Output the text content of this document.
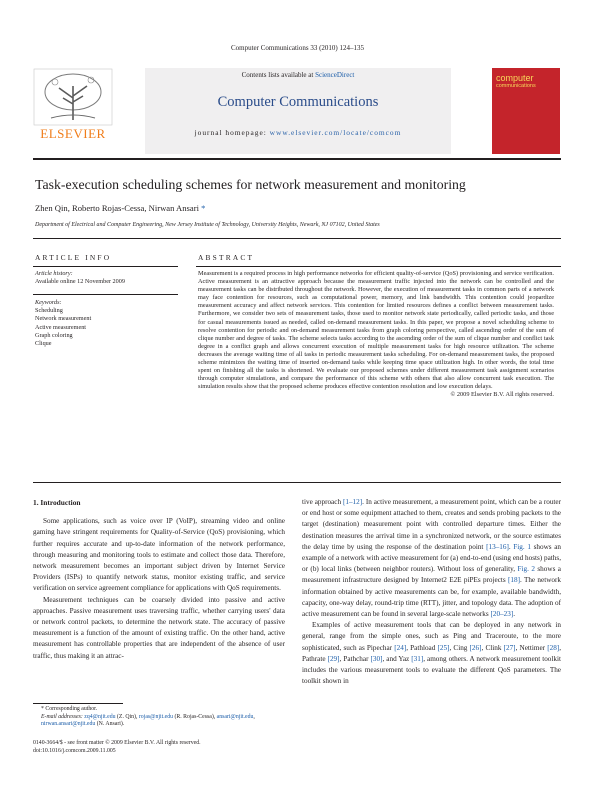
Computer Communications 33 (2010) 124–135
ELSEVIER
Contents lists available at ScienceDirect
Computer Communications
journal homepage: www.elsevier.com/locate/comcom
computer
communications
Task-execution scheduling schemes for network measurement and monitoring
Zhen Qin, Roberto Rojas-Cessa, Nirwan Ansari *
Department of Electrical and Computer Engineering, New Jersey Institute of Technology, University Heights, Newark, NJ 07102, United States
ARTICLE INFO
Article history:
Available online 12 November 2009
Keywords:
Scheduling
Network measurement
Active measurement
Graph coloring
Clique
ABSTRACT
Measurement is a required process in high performance networks for efficient quality-of-service (QoS) provisioning and service verification. Active measurement is an attractive approach because the measurement traffic injected into the network can be controlled and the measurement tasks can be distributed throughout the network. However, the execution of measurement tasks in common parts of a network may face contention for resources, such as computational power, memory, and link bandwidth. This contention could jeopardize measurement accuracy and affect network services. This contention for limited resources defines a conflict between measurement tasks. Furthermore, we consider two sets of measurement tasks, those used to monitor network state periodically, called periodic tasks, and those for casual measurements issued as needed, called on-demand measurement tasks. In this paper, we propose a novel scheduling scheme to resolve contention for periodic and on-demand measurement tasks from graph coloring perspective, called ascending order of the sum of clique number and degree of tasks. The scheme selects tasks according to the ascending order of the sum of clique number and conflict task degree in a conflict graph and allows concurrent execution of multiple measurement tasks for high resource utilization. The scheme decreases the average waiting time of all tasks in periodic measurement tasks scheduling. For on-demand measurement tasks, the proposed scheme minimizes the waiting time of inserted on-demand tasks while keeping time space utilization high. In other words, the total time spent on finishing all the tasks is shortened. We evaluate our proposed schemes under different measurement task assignment scenarios through computer simulations, and compare the performance of this scheme with others that also allow concurrent task execution. The simulation results show that the proposed scheme produces effective contention resolution and low execution delays.
© 2009 Elsevier B.V. All rights reserved.
1. Introduction

Some applications, such as voice over IP (VoIP), streaming video and online gaming have stringent requirements for Quality-of-Service (QoS) provisioning, which further requires accurate and up-to-date information of the network performance, through measuring and monitoring tools to estimate and collect those data. Therefore, network measurement becomes an important subject driven by Internet Service Providers (ISPs) to quantify network status, monitor existing traffic, and service verification on service agreement compliance for applications with QoS requirements.

Measurement techniques can be coarsely divided into passive and active approaches. Passive measurement uses traversing traffic, whether carrying users' data or network control packets, to determine the network state. The accuracy of passive measurement is a function of the amount of existing traffic. On the other hand, active measurement has controllable properties that are independent of the absence of user traffic, thus making it an attrac-

* Corresponding author.
E-mail addresses: zq4@njit.edu (Z. Qin), rojas@njit.edu (R. Rojas-Cessa), ansari@njit.edu, nirwan.ansari@njit.edu (N. Ansari).
0140-3664/$ - see front matter © 2009 Elsevier B.V. All rights reserved.
doi:10.1016/j.comcom.2009.11.005

tive approach [1–12]. In active measurement, a measurement point, which can be a router or end host or some equipment attached to them, creates and sends probing packets to the target (destination) measurement point with controlled departure times. Either the destination measures the arrival time in a synchronized network, or the source estimates the delay time by using the response of the destination point [13–16]. Fig. 1 shows an example of a network with active measurement for (a) end-to-end (using end hosts) paths, or (b) local links (between neighbor routers). Without loss of generality, Fig. 2 shows a measurement infrastructure designed by Internet2 E2E piPEs projects [18]. The network information obtained by active measurements can be, for example, available bandwidth, capacity, one-way delay, round-trip time (RTT), jitter, and topology data. The adoption of active measurement can be found in several large-scale networks [20–23].

Examples of active measurement tools that can be deployed in any network in general, range from the simple ones, such as Ping and Traceroute, to the more sophisticated, such as Pipechar [24], Pathload [25], Cing [26], Clink [27], Nettimer [28], Pathrate [29], Pathchar [30], and Yaz [31], among others. A network measurement toolkit includes the various measurement tools to evaluate the different QoS parameters. The toolkit shown in
